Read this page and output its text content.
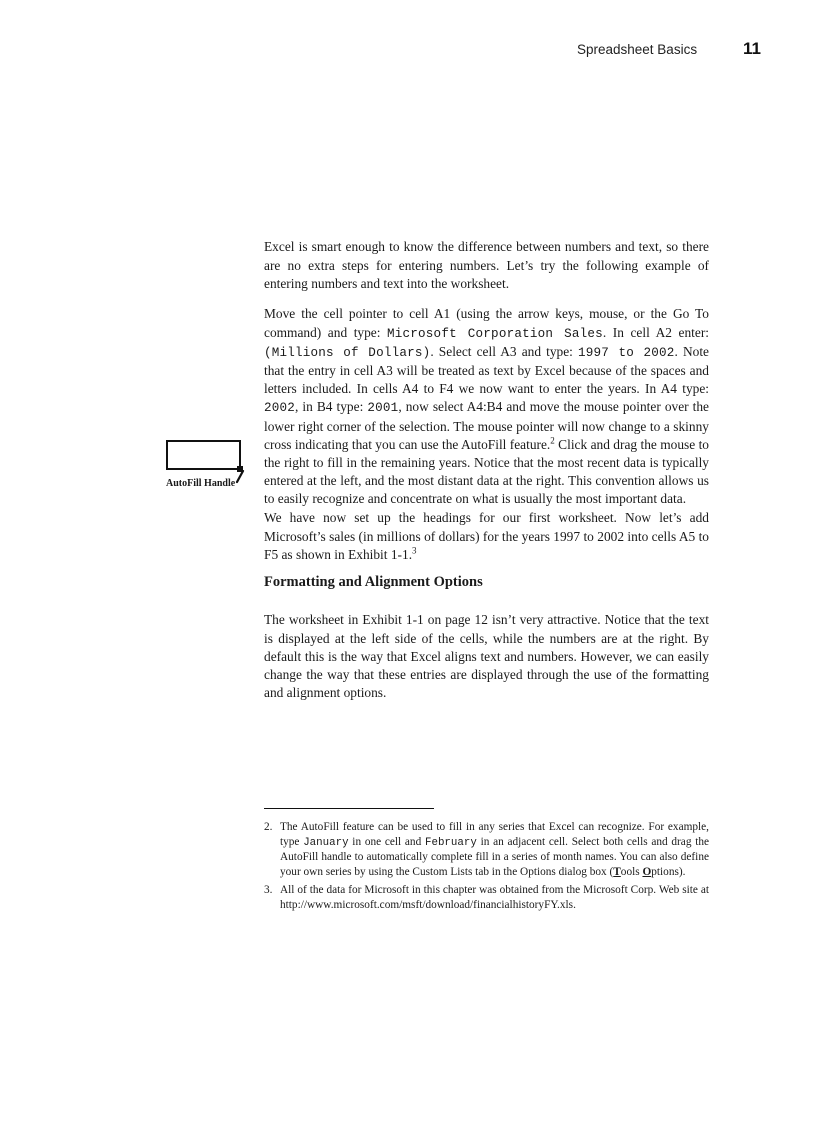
Spreadsheet Basics	11

Excel is smart enough to know the difference between numbers and text, so there are no extra steps for entering numbers. Let’s try the following example of entering numbers and text into the worksheet.

Move the cell pointer to cell A1 (using the arrow keys, mouse, or the Go To command) and type: Microsoft Corporation Sales. In cell A2 enter: (Millions of Dollars). Select cell A3 and type: 1997 to 2002. Note that the entry in cell A3 will be treated as text by Excel because of the spaces and letters included. In cells A4 to F4 we now want to enter the years. In A4 type: 2002, in B4 type: 2001, now select A4:B4 and move the mouse pointer over the lower right corner of the selection. The mouse pointer will now change to a skinny cross indicating that you can use the AutoFill feature.$^2$ Click and drag the mouse to the right to fill in the remaining years. Notice that the most recent data is typically entered at the left, and the most distant data at the right. This convention allows us to easily recognize and concentrate on what is usually the most important data.

AutoFill Handle

We have now set up the headings for our first worksheet. Now let’s add Microsoft’s sales (in millions of dollars) for the years 1997 to 2002 into cells A5 to F5 as shown in Exhibit 1-1.$^3$

Formatting and Alignment Options

The worksheet in Exhibit 1-1 on page 12 isn’t very attractive. Notice that the text is displayed at the left side of the cells, while the numbers are at the right. By default this is the way that Excel aligns text and numbers. However, we can easily change the way that these entries are displayed through the use of the formatting and alignment options.

2. The AutoFill feature can be used to fill in any series that Excel can recognize. For example, type January in one cell and February in an adjacent cell. Select both cells and drag the AutoFill handle to automatically complete fill in a series of month names. You can also define your own series by using the Custom Lists tab in the Options dialog box (Tools Options).

3. All of the data for Microsoft in this chapter was obtained from the Microsoft Corp. Web site at http://www.microsoft.com/msft/download/financialhistoryFY.xls.
